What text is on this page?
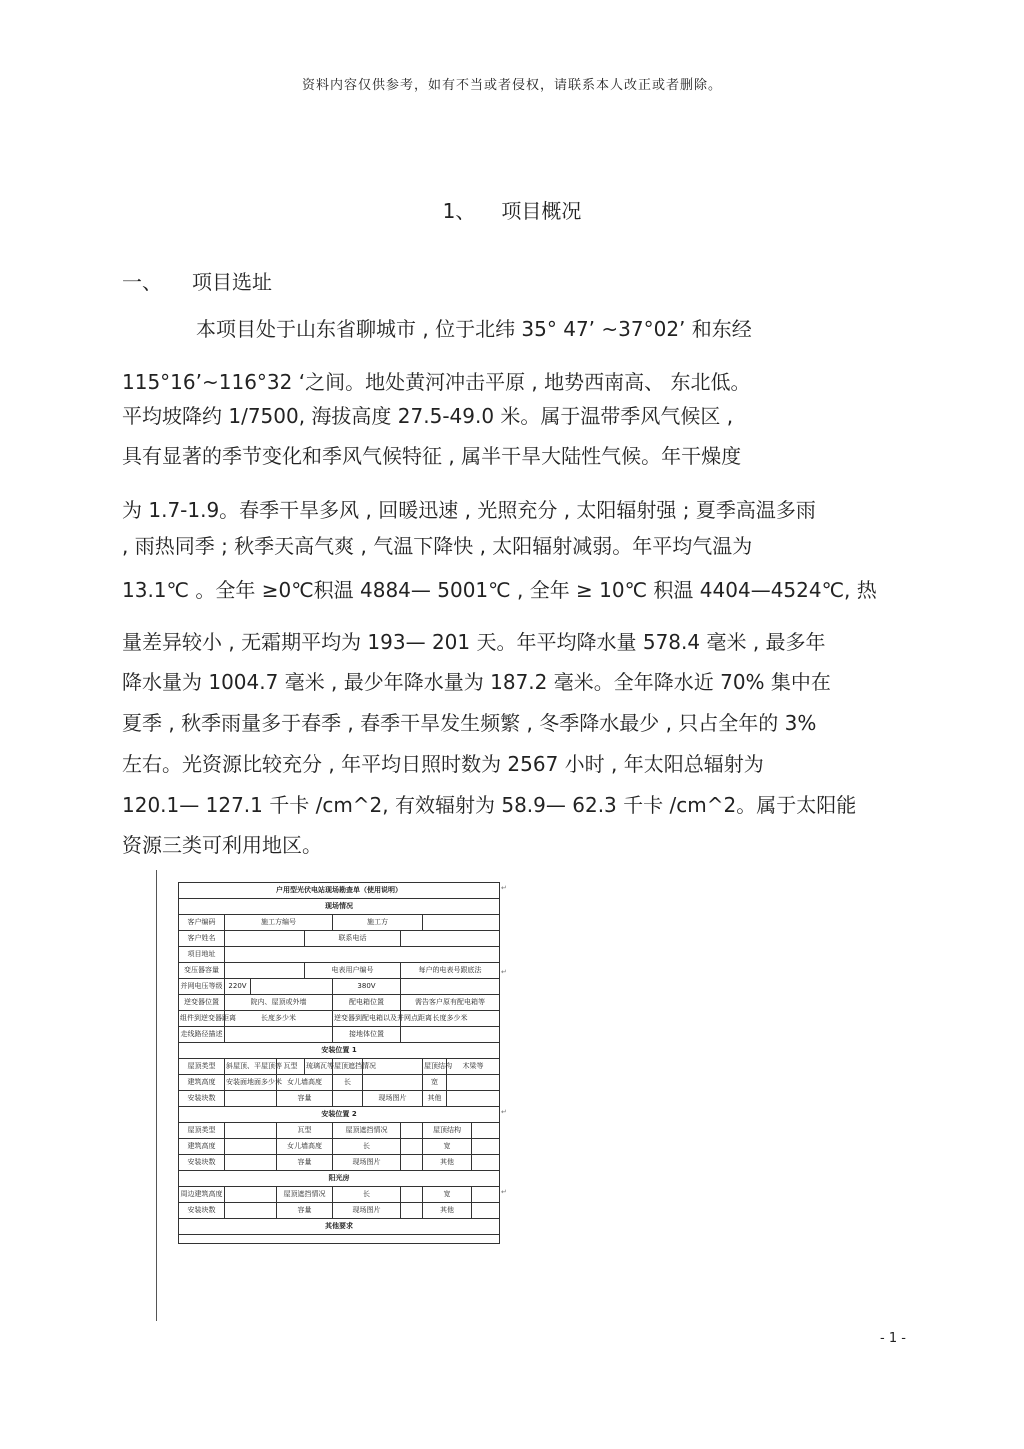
资料内容仅供参考，如有不当或者侵权，请联系本人改正或者删除。
1、 项目概况
一、 项目选址
本项目处于山东省聊城市 , 位于北纬 35° 47’ ~37°02’ 和东经
115°16’~116°32 ‘之间。地处黄河冲击平原 , 地势西南高、 东北低。
平均坡降约 1/7500, 海拔高度 27.5-49.0 米。属于温带季风气候区 ,
具有显著的季节变化和季风气候特征 , 属半干旱大陆性气候。年干燥度
为 1.7-1.9。春季干旱多风 , 回暖迅速 , 光照充分 , 太阳辐射强 ; 夏季高温多雨
, 雨热同季 ; 秋季天高气爽 , 气温下降快 , 太阳辐射减弱。年平均气温为
13.1℃ 。全年 ≥0℃积温 4884— 5001℃ , 全年 ≥ 10℃ 积温 4404—4524℃, 热
量差异较小 , 无霜期平均为 193— 201 天。年平均降水量 578.4 毫米 , 最多年
降水量为 1004.7 毫米 , 最少年降水量为 187.2 毫米。全年降水近 70% 集中在
夏季 , 秋季雨量多于春季 , 春季干旱发生频繁 , 冬季降水最少 , 只占全年的 3%
左右。光资源比较充分 , 年平均日照时数为 2567 小时 , 年太阳总辐射为
120.1— 127.1 千卡 /cm^2, 有效辐射为 58.9— 62.3 千卡 /cm^2。属于太阳能
资源三类可利用地区。
户用型光伏电站现场勘查单（使用说明）										
现场情况										
客户编码	施工方编号				施工方					
客户姓名				联系电话						
项目地址										
变压器容量				电表用户编号			每户的电表号跟底法			
并网电压等级	220V				380V					
逆变器位置	院内、屋顶或外墙				配电箱位置		需告客户原有配电箱等			
组件到逆变器距离	长度多少米				逆变器到配电箱以及并网点距离		长度多少米			
走线路径描述					接地体位置					
安装位置 1										
屋顶类型	斜屋顶、平屋顶等		瓦型	琉璃瓦等	屋顶遮挡情况			屋顶结构	木梁等	
建筑高度	安装面地面多少米		女儿墙高度		长			宽		
安装块数			容量			现场图片		其他		
安装位置 2										
屋顶类型			瓦型		屋顶遮挡情况			屋顶结构		
建筑高度			女儿墙高度		长			宽		
安装块数			容量		现场图片			其他		
阳光房										
周边建筑高度			屋顶遮挡情况		长			宽		
安装块数			容量		现场图片			其他		
其他要求										

↵
↵
↵
↵
- 1 -
